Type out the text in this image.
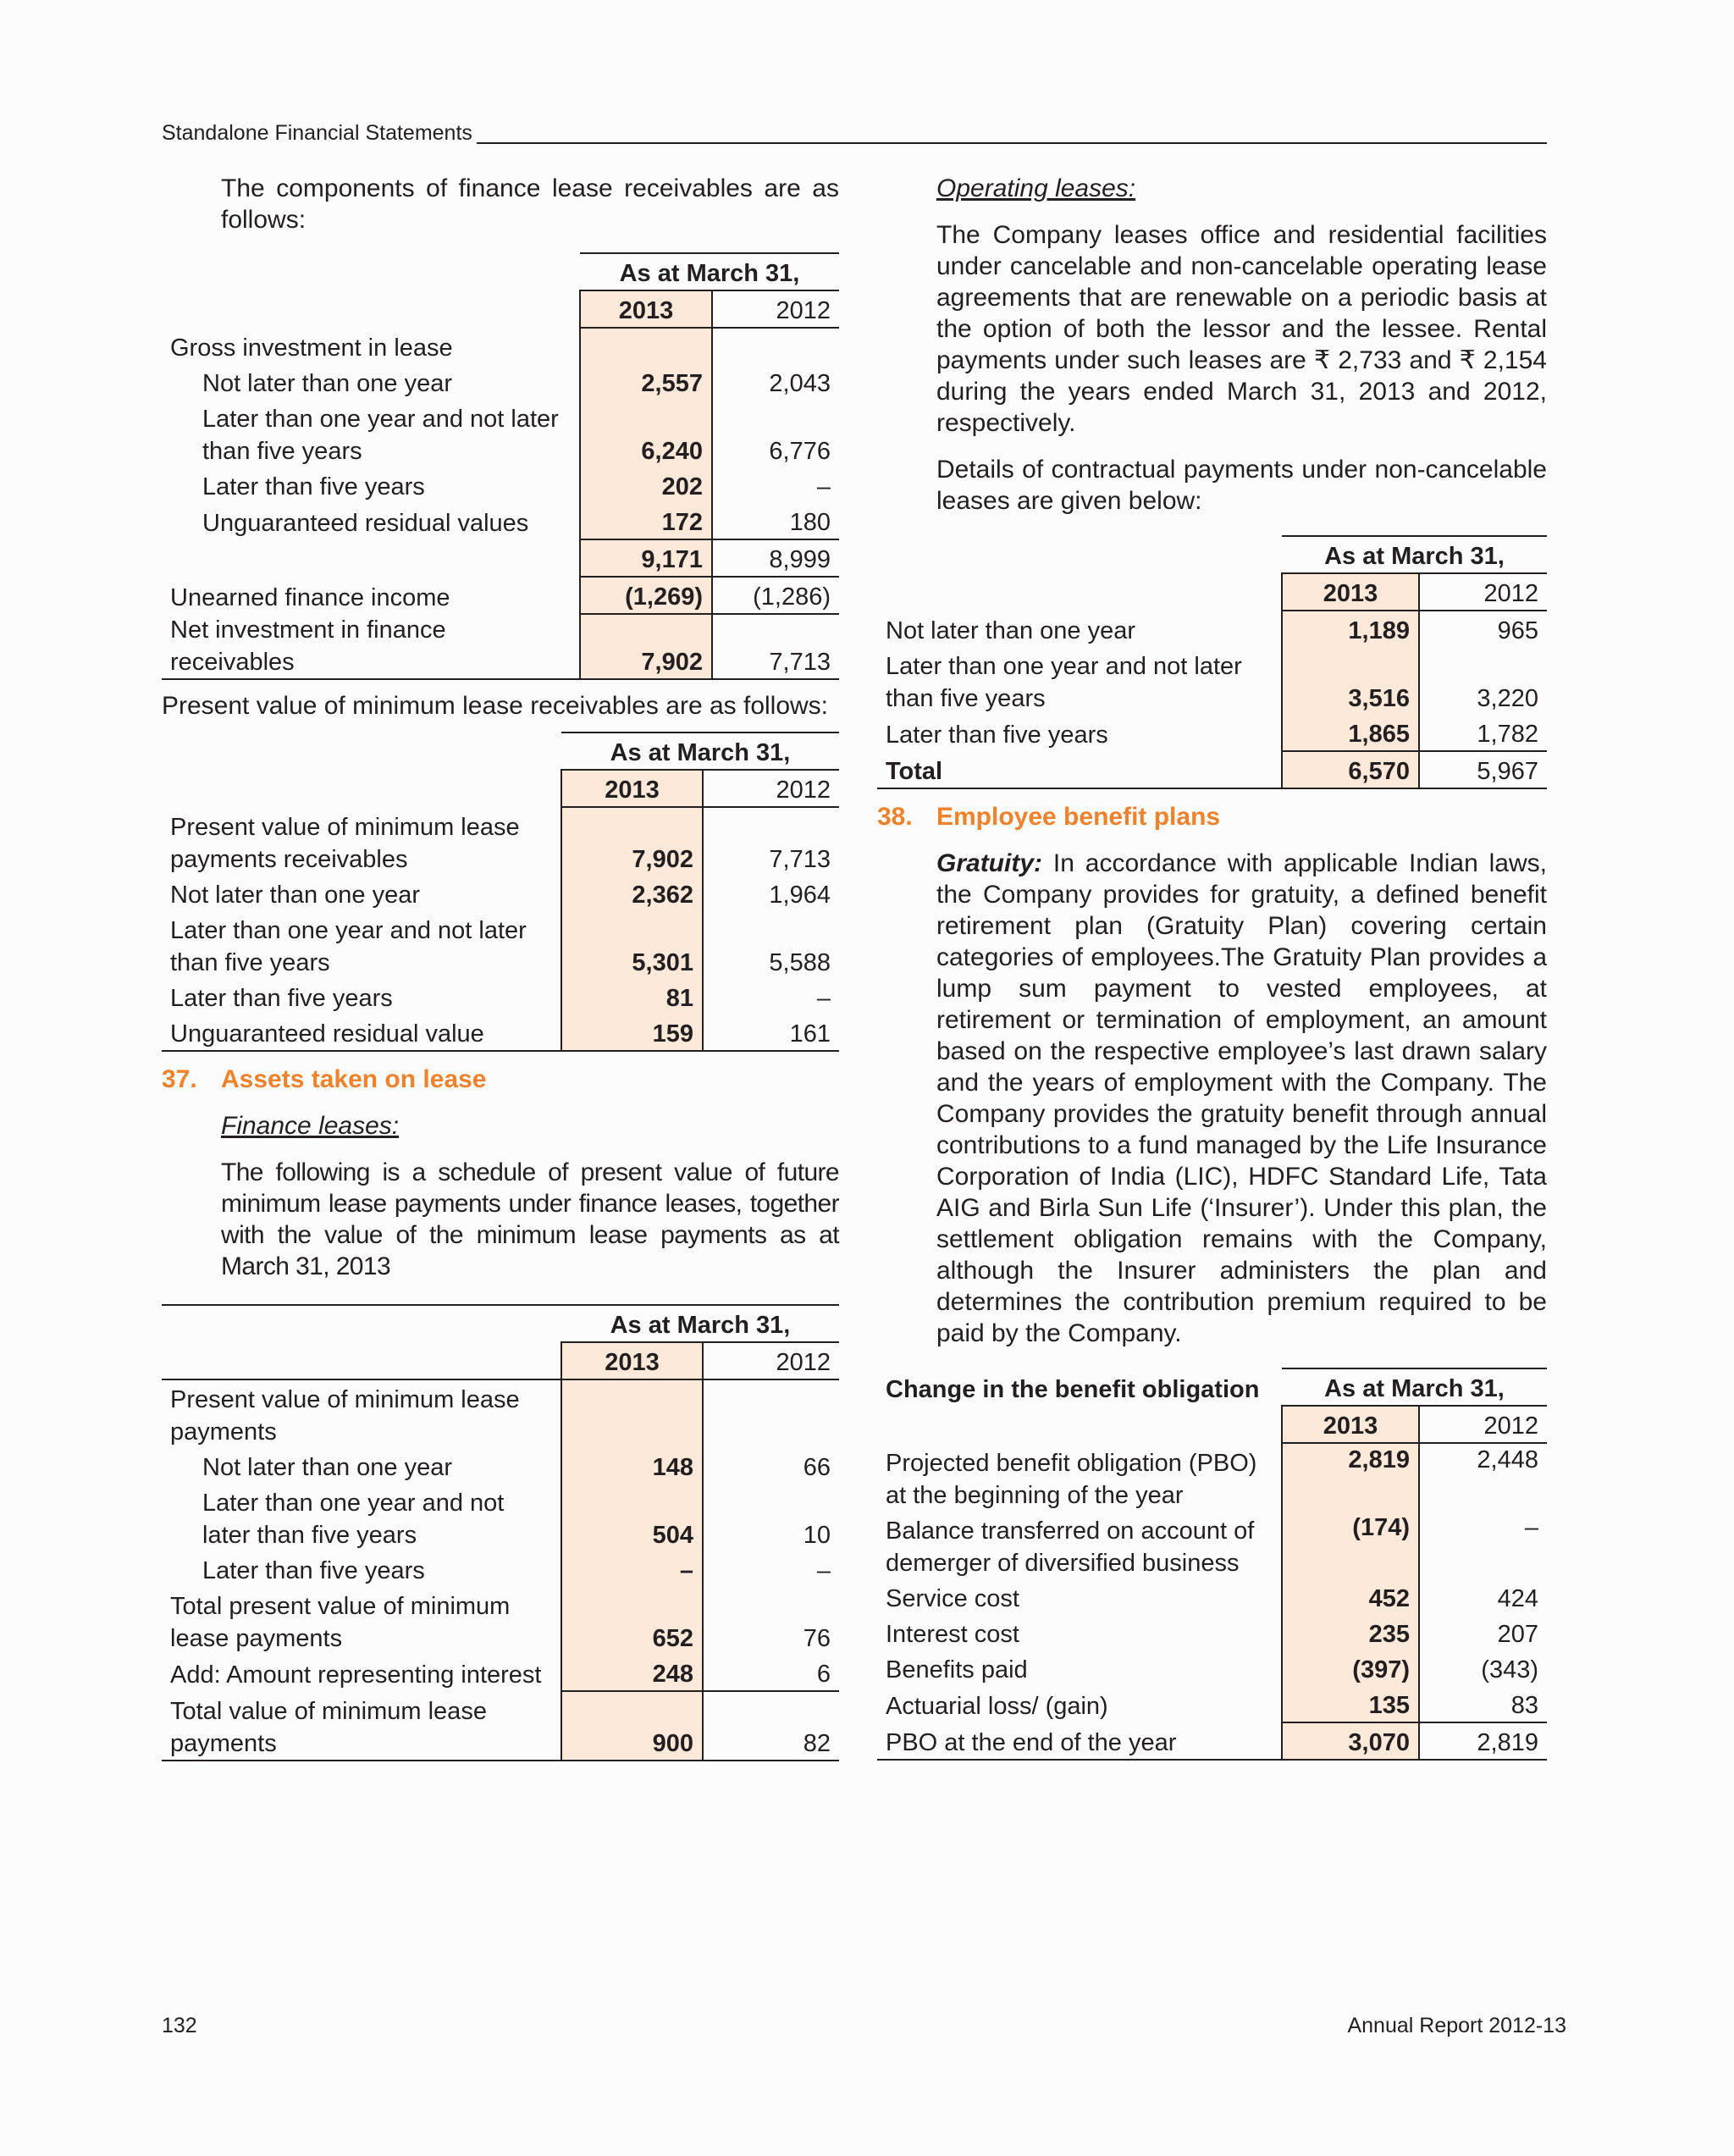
Standalone Financial Statements

The components of finance lease receivables are as follows:

	As at March 31,	
	2013	2012
Gross investment in lease		
Not later than one year	2,557	2,043

Later than one year and not later
than five years	6,240	6,776
Later than five years	202	–
Unguaranteed residual values	172	180
	9,171	8,999
Unearned finance income	(1,269)	(1,286)
Net investment in finance receivables	7,902	7,713

Present value of minimum lease receivables are as follows:

	As at March 31,	
	2013	2012

Present value of minimum lease
payments receivables	7,902	7,713
Not later than one year	2,362	1,964

Later than one year and not later
than five years	5,301	5,588
Later than five years	81	–
Unguaranteed residual value	159	161
37. Assets taken on lease

Finance leases:

The following is a schedule of present value of future minimum lease payments under finance leases, together with the value of the minimum lease payments as at March 31, 2013

	As at March 31,	
	2013	2012

Present value of minimum lease
payments		

Not later than one year	148	66

Later than one year and not
later than five years	504	10
Later than five years	–	–

Total present value of minimum
lease payments	652	76
Add: Amount representing interest	248	6

Total value of minimum lease
payments	900	82

Operating leases:

The Company leases office and residential facilities under cancelable and non-cancelable operating lease agreements that are renewable on a periodic basis at the option of both the lessor and the lessee. Rental payments under such leases are ₹ 2,733 and ₹ 2,154 during the years ended March 31, 2013 and 2012, respectively.

Details of contractual payments under non-cancelable leases are given below:

	As at March 31,	
	2013	2012
Not later than one year	1,189	965

Later than one year and not later
than five years	3,516	3,220
Later than five years	1,865	1,782
Total	6,570	5,967
38. Employee benefit plans

Gratuity: In accordance with applicable Indian laws, the Company provides for gratuity, a defined benefit retirement plan (Gratuity Plan) covering certain categories of employees.The Gratuity Plan provides a lump sum payment to vested employees, at retirement or termination of employment, an amount based on the respective employee’s last drawn salary and the years of employment with the Company. The Company provides the gratuity benefit through annual contributions to a fund managed by the Life Insurance Corporation of India (LIC), HDFC Standard Life, Tata AIG and Birla Sun Life (‘Insurer’). Under this plan, the settlement obligation remains with the Company, although the Insurer administers the plan and determines the contribution premium required to be paid by the Company.

Change in the benefit obligation	As at March 31,	
	2013	2012

Projected benefit obligation (PBO)
at the beginning of the year	2,819	2,448

Balance transferred on account of
demerger of diversified business	(174)	–
Service cost	452	424
Interest cost	235	207
Benefits paid	(397)	(343)
Actuarial loss/ (gain)	135	83
PBO at the end of the year	3,070	2,819
132	Annual Report 2012-13
